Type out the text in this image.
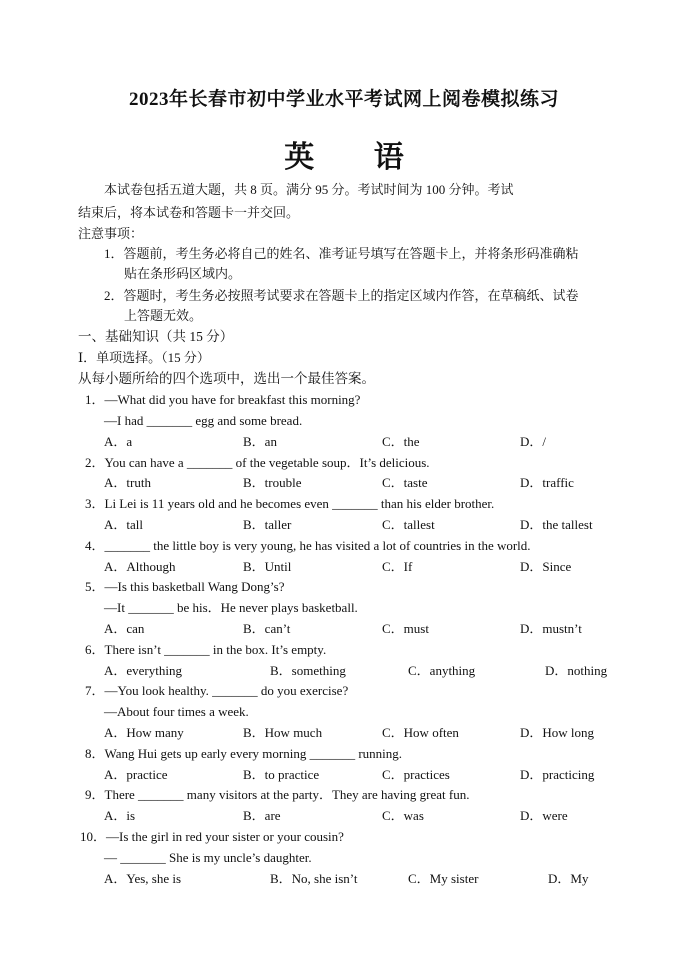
2023年长春市初中学业水平考试网上阅卷模拟练习
英 语
本试卷包括五道大题，共 8 页。满分 95 分。考试时间为 100 分钟。考试
结束后，将本试卷和答题卡一并交回。
注意事项：
1．答题前，考生务必将自己的姓名、准考证号填写在答题卡上，并将条形码准确粘
贴在条形码区域内。
2．答题时，考生务必按照考试要求在答题卡上的指定区域内作答，在草稿纸、试卷
上答题无效。
一、基础知识（共 15 分）
Ⅰ．单项选择。（15 分）
从每小题所给的四个选项中，选出一个最佳答案。
1．—What did you have for breakfast this morning?
—I had _______ egg and some bread.
A．a	B．an	C．the	D．/
2．You can have a _______ of the vegetable soup．It’s delicious.
A．truth	B．trouble	C．taste	D．traffic
3．Li Lei is 11 years old and he becomes even _______ than his elder brother.
A．tall	B．taller	C．tallest	D．the tallest
4．_______ the little boy is very young, he has visited a lot of countries in the world.
A．Although	B．Until	C．If	D．Since
5．—Is this basketball Wang Dong’s?
—It _______ be his．He never plays basketball.
A．can	B．can’t	C．must	D．mustn’t
6．There isn’t _______ in the box. It’s empty.
A．everything	B．something	C．anything	D．nothing
7．—You look healthy. _______ do you exercise?
—About four times a week.
A．How many	B．How much	C．How often	D．How long
8．Wang Hui gets up early every morning _______ running.
A．practice	B．to practice	C．practices	D．practicing
9．There _______ many visitors at the party．They are having great fun.
A．is	B．are	C．was	D．were
10．—Is the girl in red your sister or your cousin?
— _______ She is my uncle’s daughter.
A．Yes, she is	B．No, she isn’t	C．My sister	D．My
